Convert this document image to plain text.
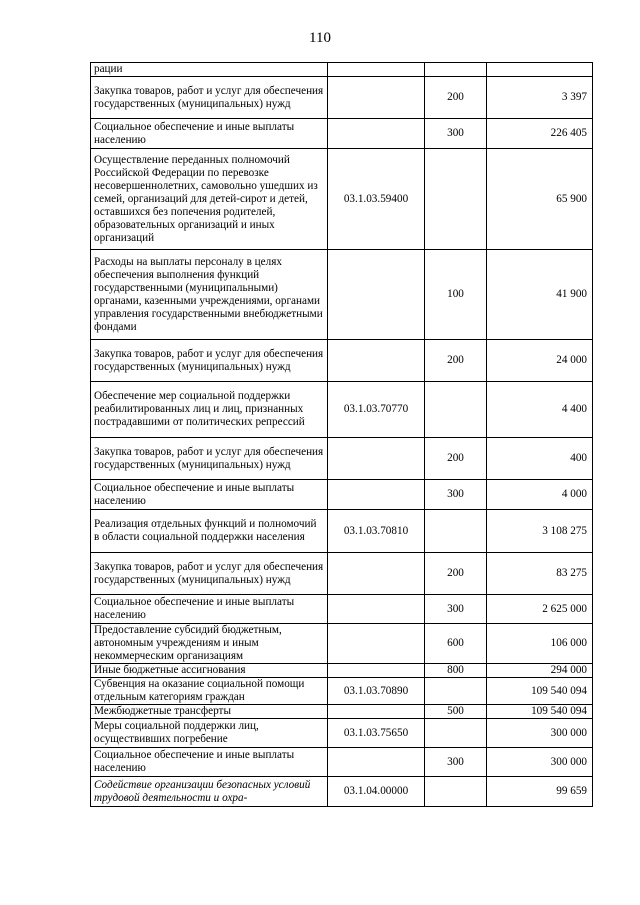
110
рации			
Закупка товаров, работ и услуг для обеспечения государственных (муниципальных) нужд		200	3 397
Социальное обеспечение и иные выплаты населению		300	226 405
Осуществление переданных полномочий Российской Федерации по перевозке несовершеннолетних, самовольно ушедших из семей, организаций для детей-сирот и детей, оставшихся без попечения родителей, образовательных организаций и иных организаций	03.1.03.59400		65 900
Расходы на выплаты персоналу в целях обеспечения выполнения функций государственными (муниципальными) органами, казенными учреждениями, органами управления государственными внебюджетными фондами		100	41 900
Закупка товаров, работ и услуг для обеспечения государственных (муниципальных) нужд		200	24 000
Обеспечение мер социальной поддержки реабилитированных лиц и лиц, признанных пострадавшими от политических репрессий	03.1.03.70770		4 400
Закупка товаров, работ и услуг для обеспечения государственных (муниципальных) нужд		200	400
Социальное обеспечение и иные выплаты населению		300	4 000
Реализация отдельных функций и полномочий в области социальной поддержки населения	03.1.03.70810		3 108 275
Закупка товаров, работ и услуг для обеспечения государственных (муниципальных) нужд		200	83 275
Социальное обеспечение и иные выплаты населению		300	2 625 000
Предоставление субсидий бюджетным, автономным учреждениям и иным некоммерческим организациям		600	106 000
Иные бюджетные ассигнования		800	294 000
Субвенция на оказание социальной помощи отдельным категориям граждан	03.1.03.70890		109 540 094
Межбюджетные трансферты		500	109 540 094
Меры социальной поддержки лиц, осуществивших погребение	03.1.03.75650		300 000
Социальное обеспечение и иные выплаты населению		300	300 000
Содействие организации безопасных условий трудовой деятельности и охра-	03.1.04.00000		99 659
